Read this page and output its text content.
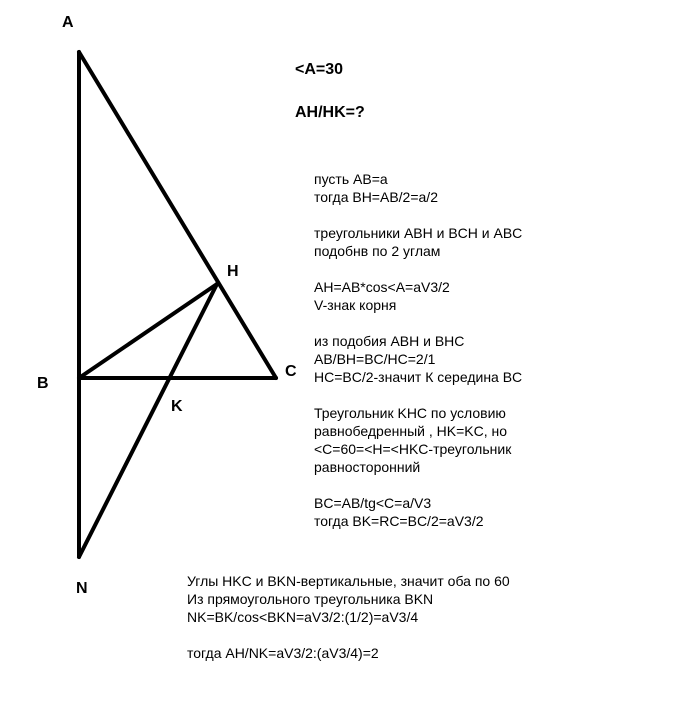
A
B
C
H
K
N
<A=30
AH/HK=?
пусть AB=a
тогда BH=AB/2=a/2
треугольники ABH и BCH и ABC
подобнв по 2 углам
AH=AB*cos<A=aV3/2
V-знак корня
из подобия ABH и BHC
AB/BH=BC/HC=2/1
HC=BC/2-значит К середина BC
Треугольник KHC по условию
равнобедренный , HK=KC, но
<C=60=<H=<HKC-треугольник
равносторонний
BC=AB/tg<C=a/V3
тогда BK=RC=BC/2=aV3/2
Углы HKC и BKN-вертикальные, значит оба по 60
Из прямоугольного треугольника BKN
NK=BK/cos<BKN=aV3/2:(1/2)=aV3/4
тогда AH/NK=aV3/2:(aV3/4)=2
